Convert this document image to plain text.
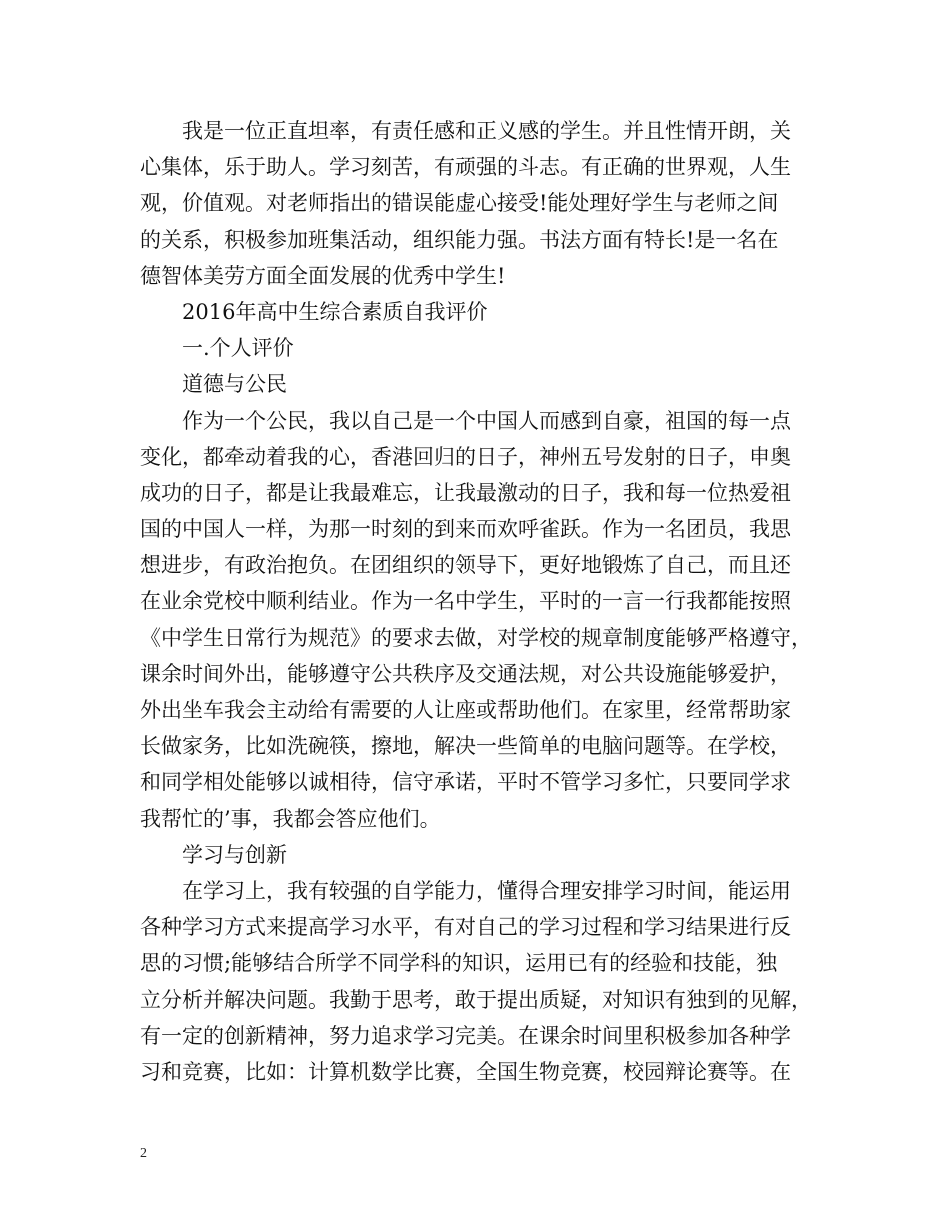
我是一位正直坦率，有责任感和正义感的学生。并且性情开朗，关
心集体，乐于助人。学习刻苦，有顽强的斗志。有正确的世界观，人生
观，价值观。对老师指出的错误能虚心接受!能处理好学生与老师之间
的关系，积极参加班集活动，组织能力强。书法方面有特长!是一名在
德智体美劳方面全面发展的优秀中学生!
2016年高中生综合素质自我评价
一.个人评价
道德与公民
作为一个公民，我以自己是一个中国人而感到自豪，祖国的每一点
变化，都牵动着我的心，香港回归的日子，神州五号发射的日子，申奥
成功的日子，都是让我最难忘，让我最激动的日子，我和每一位热爱祖
国的中国人一样，为那一时刻的到来而欢呼雀跃。作为一名团员，我思
想进步，有政治抱负。在团组织的领导下，更好地锻炼了自己，而且还
在业余党校中顺利结业。作为一名中学生，平时的一言一行我都能按照
《中学生日常行为规范》的要求去做，对学校的规章制度能够严格遵守，
课余时间外出，能够遵守公共秩序及交通法规，对公共设施能够爱护，
外出坐车我会主动给有需要的人让座或帮助他们。在家里，经常帮助家
长做家务，比如洗碗筷，擦地，解决一些简单的电脑问题等。在学校，
和同学相处能够以诚相待，信守承诺，平时不管学习多忙，只要同学求
我帮忙的’事，我都会答应他们。
学习与创新
在学习上，我有较强的自学能力，懂得合理安排学习时间，能运用
各种学习方式来提高学习水平，有对自己的学习过程和学习结果进行反
思的习惯;能够结合所学不同学科的知识，运用已有的经验和技能，独
立分析并解决问题。我勤于思考，敢于提出质疑，对知识有独到的见解，
有一定的创新精神，努力追求学习完美。在课余时间里积极参加各种学
习和竞赛，比如：计算机数学比赛，全国生物竞赛，校园辩论赛等。在
2
